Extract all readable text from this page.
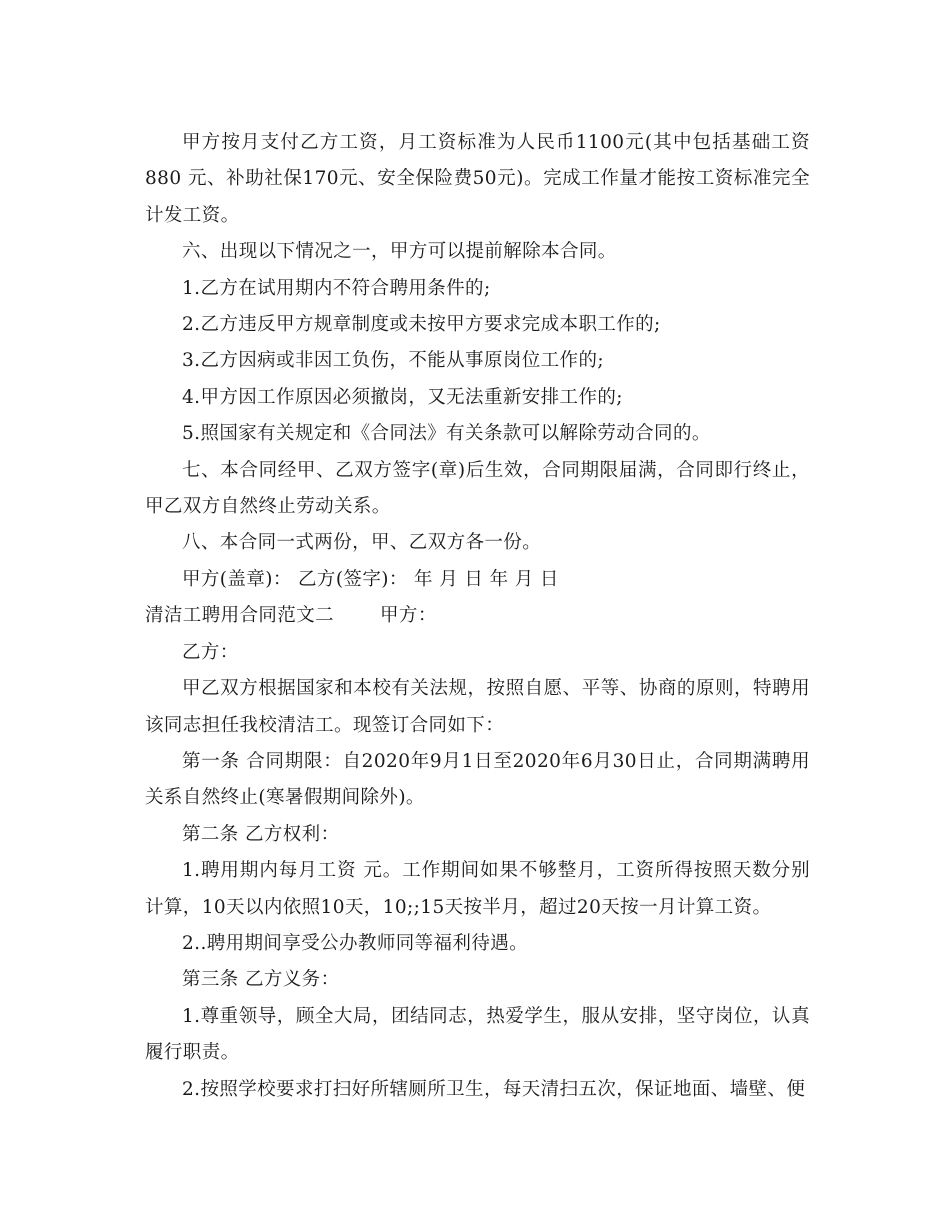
甲方按月支付乙方工资，月工资标准为人民币1100元(其中包括基础工资880 元、补助社保170元、安全保险费50元)。完成工作量才能按工资标准完全计发工资。

六、出现以下情况之一，甲方可以提前解除本合同。

1.乙方在试用期内不符合聘用条件的;

2.乙方违反甲方规章制度或未按甲方要求完成本职工作的;

3.乙方因病或非因工负伤，不能从事原岗位工作的;

4.甲方因工作原因必须撤岗，又无法重新安排工作的;

5.照国家有关规定和《合同法》有关条款可以解除劳动合同的。

七、本合同经甲、乙双方签字(章)后生效，合同期限届满，合同即行终止，甲乙双方自然终止劳动关系。

八、本合同一式两份，甲、乙双方各一份。

甲方(盖章)： 乙方(签字)： 年 月 日 年 月 日

清洁工聘用合同范文二 甲方：

乙方：

甲乙双方根据国家和本校有关法规，按照自愿、平等、协商的原则，特聘用该同志担任我校清洁工。现签订合同如下：

第一条 合同期限：自2020年9月1日至2020年6月30日止，合同期满聘用关系自然终止(寒暑假期间除外)。

第二条 乙方权利：

1.聘用期内每月工资 元。工作期间如果不够整月，工资所得按照天数分别计算，10天以内依照10天，10;;15天按半月，超过20天按一月计算工资。

2..聘用期间享受公办教师同等福利待遇。

第三条 乙方义务：

1.尊重领导，顾全大局，团结同志，热爱学生，服从安排，坚守岗位，认真履行职责。

2.按照学校要求打扫好所辖厕所卫生，每天清扫五次，保证地面、墙壁、便
